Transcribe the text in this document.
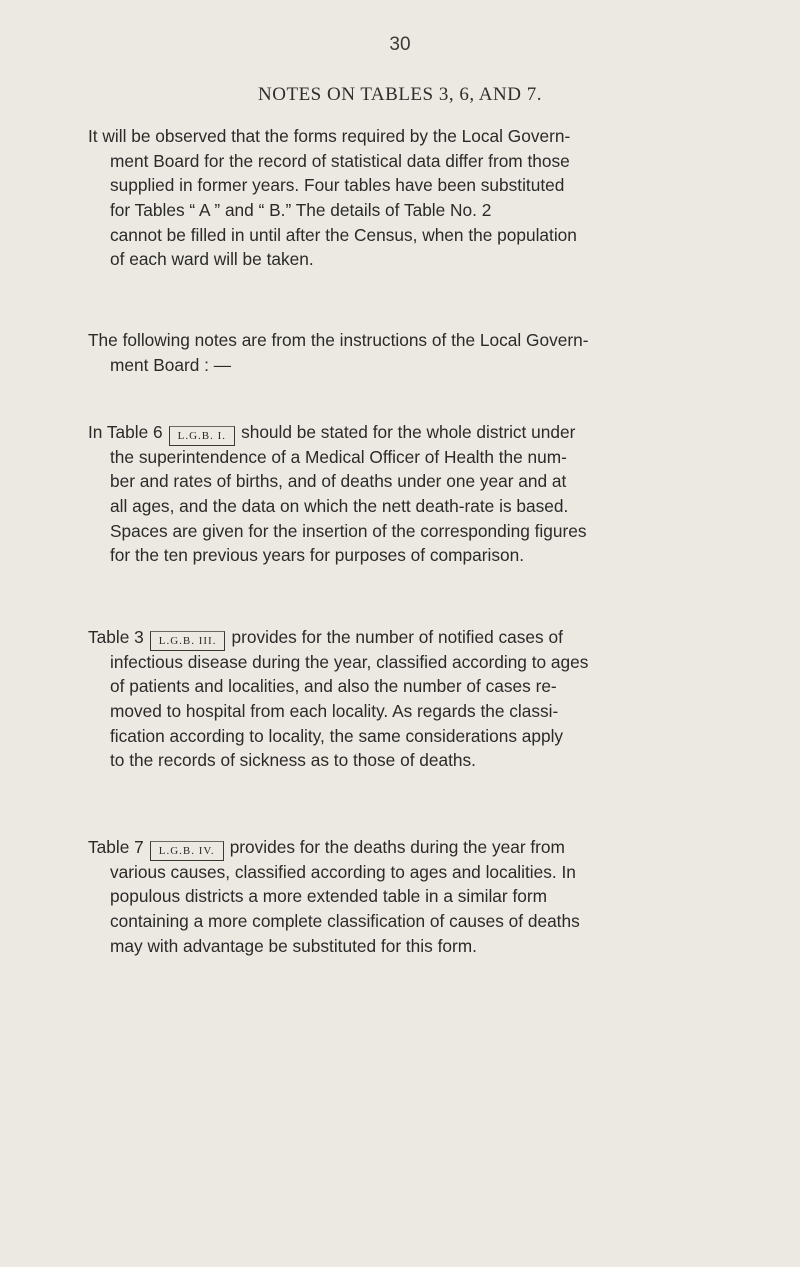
30
NOTES ON TABLES 3, 6, AND 7.
It will be observed that the forms required by the Local Govern-
ment Board for the record of statistical data differ from those
supplied in former years. Four tables have been substituted
for Tables “ A ” and “ B.” The details of Table No. 2
cannot be filled in until after the Census, when the population
of each ward will be taken.
The following notes are from the instructions of the Local Govern-
ment Board : —
In Table 6 L.G.B. I. should be stated for the whole district under
the superintendence of a Medical Officer of Health the num-
ber and rates of births, and of deaths under one year and at
all ages, and the data on which the nett death-rate is based.
Spaces are given for the insertion of the corresponding figures
for the ten previous years for purposes of comparison.
Table 3 L.G.B. III. provides for the number of notified cases of
infectious disease during the year, classified according to ages
of patients and localities, and also the number of cases re-
moved to hospital from each locality. As regards the classi-
fication according to locality, the same considerations apply
to the records of sickness as to those of deaths.
Table 7 L.G.B. IV. provides for the deaths during the year from
various causes, classified according to ages and localities. In
populous districts a more extended table in a similar form
containing a more complete classification of causes of deaths
may with advantage be substituted for this form.
